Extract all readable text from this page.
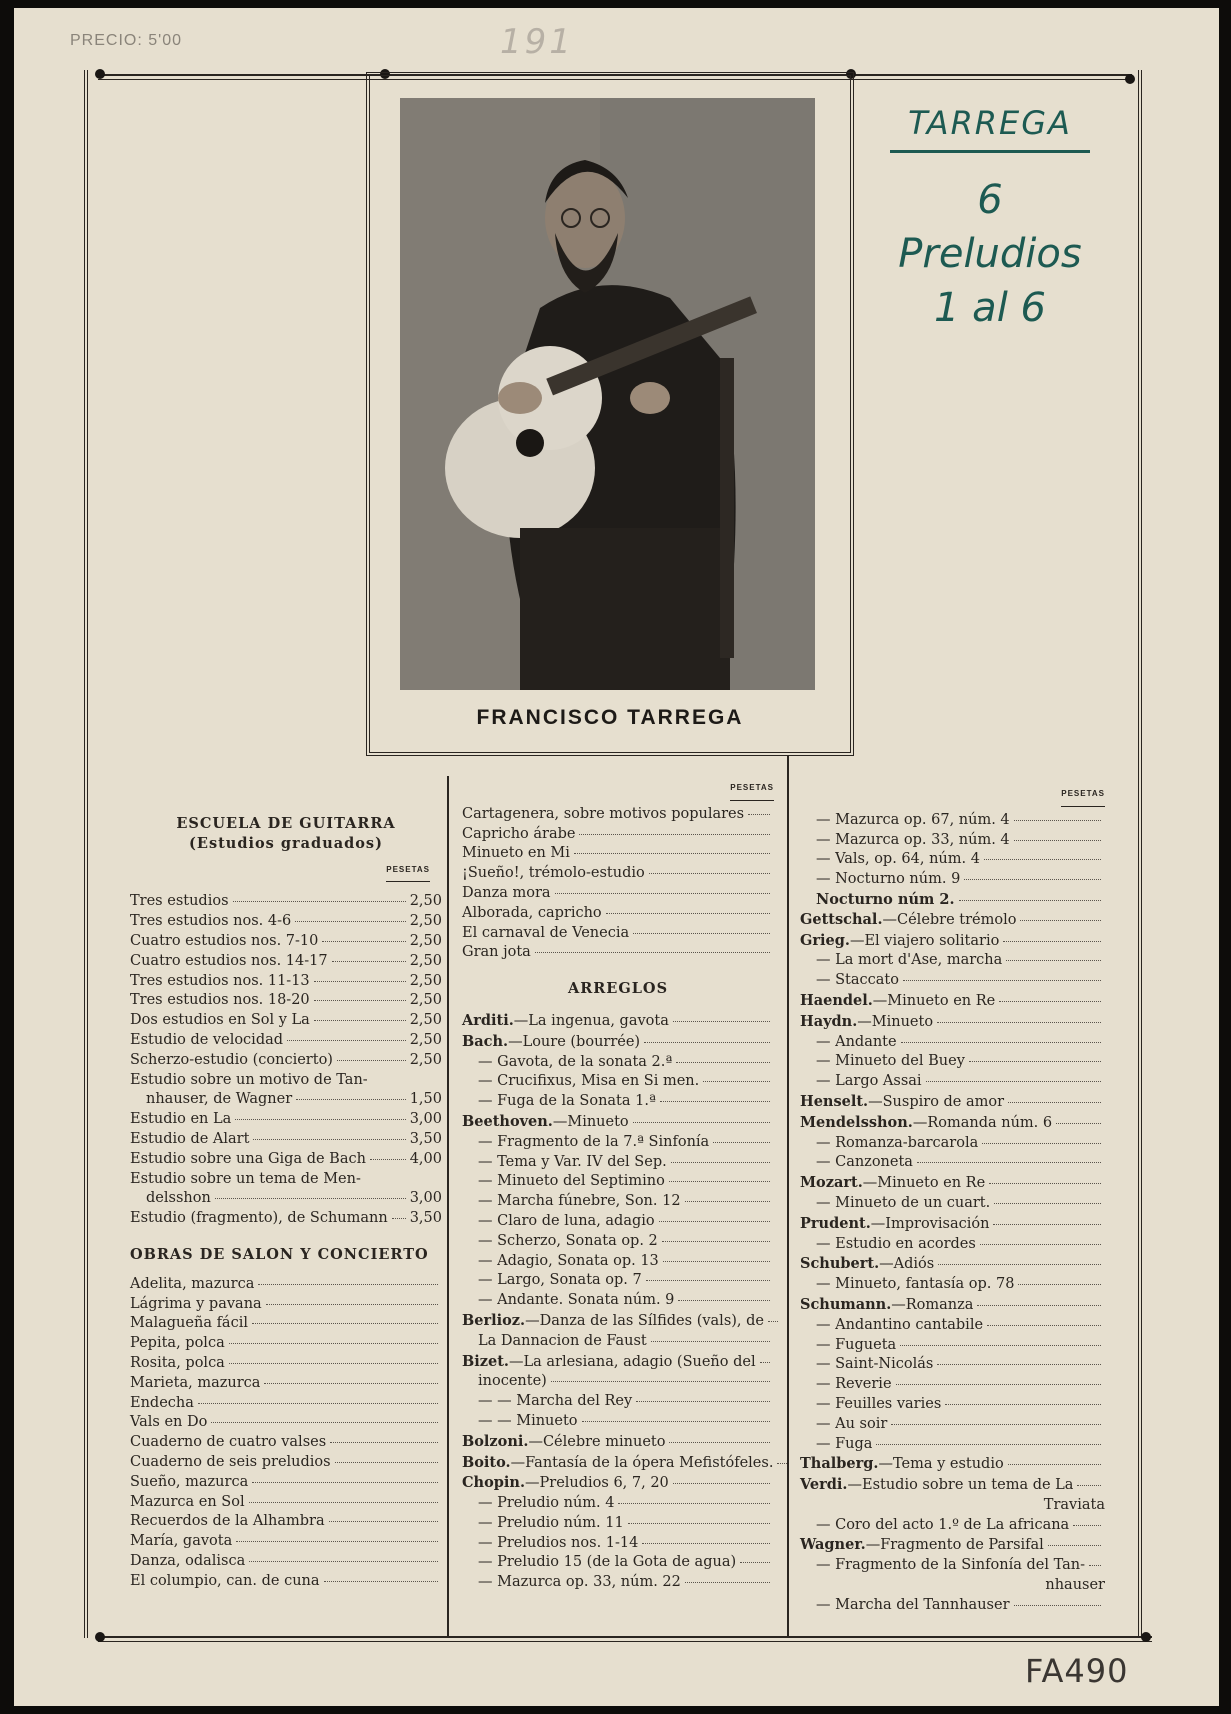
PRECIO: 5'00	191
FA490
FRANCISCO TARREGA
TARREGA
6
Preludios
1 al 6
ESCUELA DE GUITARRA
(Estudios graduados)
PESETAS
Tres estudios	2,50
Tres estudios nos. 4-6	2,50
Cuatro estudios nos. 7-10	2,50
Cuatro estudios nos. 14-17	2,50
Tres estudios nos. 11-13	2,50
Tres estudios nos. 18-20	2,50
Dos estudios en Sol y La	2,50
Estudio de velocidad	2,50
Scherzo-estudio (concierto)	2,50
Estudio sobre un motivo de Tan-
nhauser, de Wagner	1,50
Estudio en La	3,00
Estudio de Alart	3,50
Estudio sobre una Giga de Bach	4,00
Estudio sobre un tema de Men-
delsshon	3,00
Estudio (fragmento), de Schumann 3,50
OBRAS DE SALON Y CONCIERTO
Adelita, mazurca
Lágrima y pavana
Malagueña fácil
Pepita, polca
Rosita, polca
Marieta, mazurca
Endecha
Vals en Do
Cuaderno de cuatro valses
Cuaderno de seis preludios
Sueño, mazurca
Mazurca en Sol
Recuerdos de la Alhambra
María, gavota
Danza, odalisca
El columpio, can. de cuna
PESETAS
Cartagenera, sobre motivos populares
Capricho árabe
Minueto en Mi
¡Sueño!, trémolo-estudio
Danza mora
Alborada, capricho
El carnaval de Venecia
Gran jota
ARREGLOS
Arditi. —La ingenua, gavota
Bach. —Loure (bourrée)
— Gavota, de la sonata 2.ª
— Crucifixus, Misa en Si men.
— Fuga de la Sonata 1.ª
Beethoven. —Minueto
— Fragmento de la 7.ª Sinfonía
— Tema y Var. IV del Sep.
— Minueto del Septimino
— Marcha fúnebre, Son. 12
— Claro de luna, adagio
— Scherzo, Sonata op. 2
— Adagio, Sonata op. 13
— Largo, Sonata op. 7
— Andante. Sonata núm. 9
Berlioz. —Danza de las Sílfides (vals), de
La Dannacion de Faust
Bizet. —La arlesiana, adagio (Sueño del
inocente)
— — Marcha del Rey
— — Minueto
Bolzoni. —Célebre minueto
Boito. —Fantasía de la ópera Mefistófeles.
Chopin. —Preludios 6, 7, 20
— Preludio núm. 4
— Preludio núm. 11
— Preludios nos. 1-14
— Preludio 15 (de la Gota de agua)
— Mazurca op. 33, núm. 22
PESETAS
— Mazurca op. 67, núm. 4
— Mazurca op. 33, núm. 4
— Vals, op. 64, núm. 4
— Nocturno núm. 9
Nocturno núm 2.
Gettschal. —Célebre trémolo
Grieg. —El viajero solitario
— La mort d'Ase, marcha
— Staccato
Haendel. —Minueto en Re
Haydn. —Minueto
— Andante
— Minueto del Buey
— Largo Assai
Henselt. —Suspiro de amor
Mendelsshon. —Romanda núm. 6
— Romanza-barcarola
— Canzoneta
Mozart. —Minueto en Re
— Minueto de un cuart.
Prudent. —Improvisación
— Estudio en acordes
Schubert. —Adiós
— Minueto, fantasía op. 78
Schumann. —Romanza
— Andantino cantabile
— Fugueta
— Saint-Nicolás
— Reverie
— Feuilles varies
— Au soir
— Fuga
Thalberg. —Tema y estudio
Verdi. —Estudio sobre un tema de La
Traviata
— Coro del acto 1.º de La africana
Wagner. —Fragmento de Parsifal
— Fragmento de la Sinfonía del Tan-
nhauser
— Marcha del Tannhauser
